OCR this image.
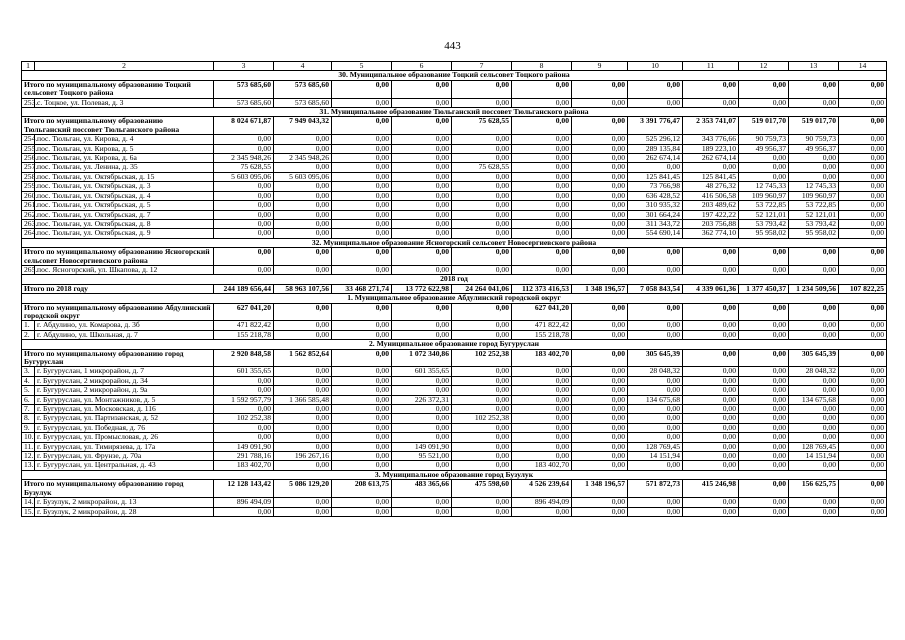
443
1	2	3	4	5	6	7	8	9	10	11	12	13	14
30. Муниципальное образование Тоцкий сельсовет Тоцкого района													
Итого по муниципальному образованию Тоцкий сельсовет Тоцкого района		573 685,60	573 685,60	0,00	0,00	0,00	0,00	0,00	0,00	0,00	0,00	0,00	0,00
253.	с. Тоцкое, ул. Полевая, д. 3	573 685,60	573 685,60	0,00	0,00	0,00	0,00	0,00	0,00	0,00	0,00	0,00	0,00
31. Муниципальное образование Тюльганский поссовет Тюльганского района													
Итого по муниципальному образованию Тюльганский поссовет Тюльганского района		8 024 671,87	7 949 043,32	0,00	0,00	75 628,55	0,00	0,00	3 391 776,47	2 353 741,07	519 017,70	519 017,70	0,00
254.	пос. Тюльган, ул. Кирова, д. 4	0,00	0,00	0,00	0,00	0,00	0,00	0,00	525 296,12	343 776,66	90 759,73	90 759,73	0,00
255.	пос. Тюльган, ул. Кирова, д. 5	0,00	0,00	0,00	0,00	0,00	0,00	0,00	289 135,84	189 223,10	49 956,37	49 956,37	0,00
256.	пос. Тюльган, ул. Кирова, д. 6а	2 345 948,26	2 345 948,26	0,00	0,00	0,00	0,00	0,00	262 674,14	262 674,14	0,00	0,00	0,00
257.	пос. Тюльган, ул. Ленина, д. 35	75 628,55	0,00	0,00	0,00	75 628,55	0,00	0,00	0,00	0,00	0,00	0,00	0,00
258.	пос. Тюльган, ул. Октябрьская, д. 15	5 603 095,06	5 603 095,06	0,00	0,00	0,00	0,00	0,00	125 841,45	125 841,45	0,00	0,00	0,00
259.	пос. Тюльган, ул. Октябрьская, д. 3	0,00	0,00	0,00	0,00	0,00	0,00	0,00	73 766,98	48 276,32	12 745,33	12 745,33	0,00
260.	пос. Тюльган, ул. Октябрьская, д. 4	0,00	0,00	0,00	0,00	0,00	0,00	0,00	636 428,52	416 506,58	109 960,97	109 960,97	0,00
261.	пос. Тюльган, ул. Октябрьская, д. 5	0,00	0,00	0,00	0,00	0,00	0,00	0,00	310 935,32	203 489,62	53 722,85	53 722,85	0,00
262.	пос. Тюльган, ул. Октябрьская, д. 7	0,00	0,00	0,00	0,00	0,00	0,00	0,00	301 664,24	197 422,22	52 121,01	52 121,01	0,00
263.	пос. Тюльган, ул. Октябрьская, д. 8	0,00	0,00	0,00	0,00	0,00	0,00	0,00	311 343,72	203 756,88	53 793,42	53 793,42	0,00
264.	пос. Тюльган, ул. Октябрьская, д. 9	0,00	0,00	0,00	0,00	0,00	0,00	0,00	554 690,14	362 774,10	95 958,02	95 958,02	0,00
32. Муниципальное образование Ясногорский сельсовет Новосергиевского района													
Итого по муниципальному образованию Ясногорский сельсовет Новосергиевского района		0,00	0,00	0,00	0,00	0,00	0,00	0,00	0,00	0,00	0,00	0,00	0,00
265.	пос. Ясногорский, ул. Шкапова, д. 12	0,00	0,00	0,00	0,00	0,00	0,00	0,00	0,00	0,00	0,00	0,00	0,00
2018 год													
Итого по 2018 году		244 189 656,44	58 963 107,56	33 468 271,74	13 772 622,98	24 264 041,06	112 373 416,53	1 348 196,57	7 058 843,54	4 339 061,36	1 377 450,37	1 234 509,56	107 822,25
1. Муниципальное образование Абдулинский городской округ													
Итого по муниципальному образованию Абдулинский городской округ		627 041,20	0,00	0,00	0,00	0,00	627 041,20	0,00	0,00	0,00	0,00	0,00	0,00
1.	г. Абдулино, ул. Комарова, д. 3б	471 822,42	0,00	0,00	0,00	0,00	471 822,42	0,00	0,00	0,00	0,00	0,00	0,00
2.	г. Абдулино, ул. Школьная, д. 7	155 218,78	0,00	0,00	0,00	0,00	155 218,78	0,00	0,00	0,00	0,00	0,00	0,00
2. Муниципальное образование город Бугуруслан													
Итого по муниципальному образованию город Бугуруслан		2 920 848,58	1 562 852,64	0,00	1 072 340,86	102 252,38	183 402,70	0,00	305 645,39	0,00	0,00	305 645,39	0,00
3.	г. Бугуруслан, 1 микрорайон, д. 7	601 355,65	0,00	0,00	601 355,65	0,00	0,00	0,00	28 048,32	0,00	0,00	28 048,32	0,00
4.	г. Бугуруслан, 2 микрорайон, д. 34	0,00	0,00	0,00	0,00	0,00	0,00	0,00	0,00	0,00	0,00	0,00	0,00
5.	г. Бугуруслан, 2 микрорайон, д. 9а	0,00	0,00	0,00	0,00	0,00	0,00	0,00	0,00	0,00	0,00	0,00	0,00
6.	г. Бугуруслан, ул. Монтажников, д. 5	1 592 957,79	1 366 585,48	0,00	226 372,31	0,00	0,00	0,00	134 675,68	0,00	0,00	134 675,68	0,00
7.	г. Бугуруслан, ул. Московская, д. 116	0,00	0,00	0,00	0,00	0,00	0,00	0,00	0,00	0,00	0,00	0,00	0,00
8.	г. Бугуруслан, ул. Партизанская, д. 52	102 252,38	0,00	0,00	0,00	102 252,38	0,00	0,00	0,00	0,00	0,00	0,00	0,00
9.	г. Бугуруслан, ул. Победная, д. 76	0,00	0,00	0,00	0,00	0,00	0,00	0,00	0,00	0,00	0,00	0,00	0,00
10.	г. Бугуруслан, ул. Промысловая, д. 26	0,00	0,00	0,00	0,00	0,00	0,00	0,00	0,00	0,00	0,00	0,00	0,00
11.	г. Бугуруслан, ул. Тимирязева, д. 17а	149 091,90	0,00	0,00	149 091,90	0,00	0,00	0,00	128 769,45	0,00	0,00	128 769,45	0,00
12.	г. Бугуруслан, ул. Фрунзе, д. 70а	291 788,16	196 267,16	0,00	95 521,00	0,00	0,00	0,00	14 151,94	0,00	0,00	14 151,94	0,00
13.	г. Бугуруслан, ул. Центральная, д. 43	183 402,70	0,00	0,00	0,00	0,00	183 402,70	0,00	0,00	0,00	0,00	0,00	0,00
3. Муниципальное образование город Бузулук													
Итого по муниципальному образованию город Бузулук		12 128 143,42	5 086 129,20	208 613,75	483 365,66	475 598,60	4 526 239,64	1 348 196,57	571 872,73	415 246,98	0,00	156 625,75	0,00
14.	г. Бузулук, 2 микрорайон, д. 13	896 494,09	0,00	0,00	0,00	0,00	896 494,09	0,00	0,00	0,00	0,00	0,00	0,00
15.	г. Бузулук, 2 микрорайон, д. 28	0,00	0,00	0,00	0,00	0,00	0,00	0,00	0,00	0,00	0,00	0,00	0,00
